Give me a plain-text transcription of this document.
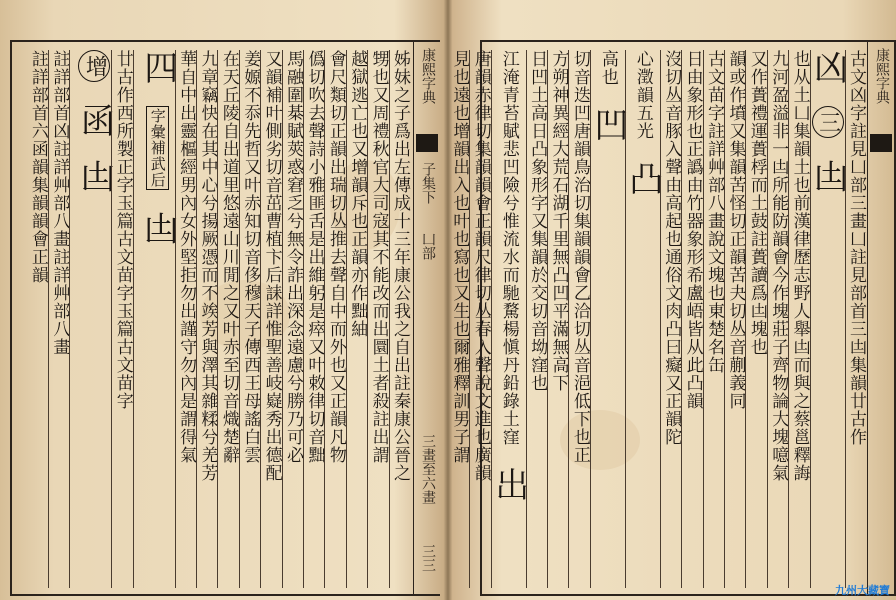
康熙字典
子集下
凵部
三畫至六畫
三三
姊妹之子爲出左傳成十三年康公我之自出註秦康公晉之
甥也又周禮秋官大司寇其不能改而出圜土者殺註出謂
越獄逃亡也又增韻斥也正韻亦作黜紬
會尺類切正韻出瑞切丛推去聲自中而外也又正韻凡物
僞切吹去聲詩小雅匪舌是出維躬是瘁又叶敕律切音黜
馬融圍棊賦莢惑窘乏兮無令詐出深念遠慮兮勝乃可必
又韻補叶側劣切音茁曹植卞后誄詳惟聖善岐嶷秀出德配
姜嫄不忝先哲又叶赤知切音侈穆天子傳西王母謠白雲
在天丘陵自出道里悠遠山川閒之又叶赤至切音熾楚辭
九章竊快在其中心兮揚厥憑而不竢芳與澤其雜糅兮羌芳
華自中出靈樞經男內女外堅拒勿出謹守勿內是謂得氣
四 字彙補武后 凷
廿古作西所製正字玉篇古文苗字玉篇古文苗字
增 函 凷
註詳部首凶註詳艸部八畫註詳艸部八畫
註詳部首六函韻集韻韻會正韻	康熙字典
古文凶字註見凵部三畫凵註見部首三凷集韻廿古作
凶 三 凷
也从土凵集韻土也前漢律歷志野人舉凷而與之蔡邕釋誨
九河盈溢非一凷所能防韻會今作塊莊子齊物論大塊噫氣
又作蕢禮運蕢桴而土鼓註蕢讀爲凷塊也
韻或作墳又集韻苦怪切正韻苦夬切丛音蒯義同
古文苗字註詳艸部八畫說文塊也東楚名缶
日由象形也正譌由竹器象形希盧峿皆从此凸韻
沒切丛音豚入聲由高起也通俗文肉凸曰癡又正韻陀
心澂韻五光 凸
高也 凹
切音迭凹唐韻鳥治切集韻韻會乙洽切丛音浥低下也正
方朔神異經大荒石湖千里無凸凹平滿無高下
日凹土高日凸象形字又集韻於交切音坳窪也
江淹青苔賦悲凹險兮惟流水而馳騖楊愼丹鉛錄土窪 出
唐韻赤律切集韻韻會正韻尺律切丛春入聲說文進也廣韻
見也遠也增韻出入也叶也寫也又生也爾雅釋訓男子謂
九州大藏寶
